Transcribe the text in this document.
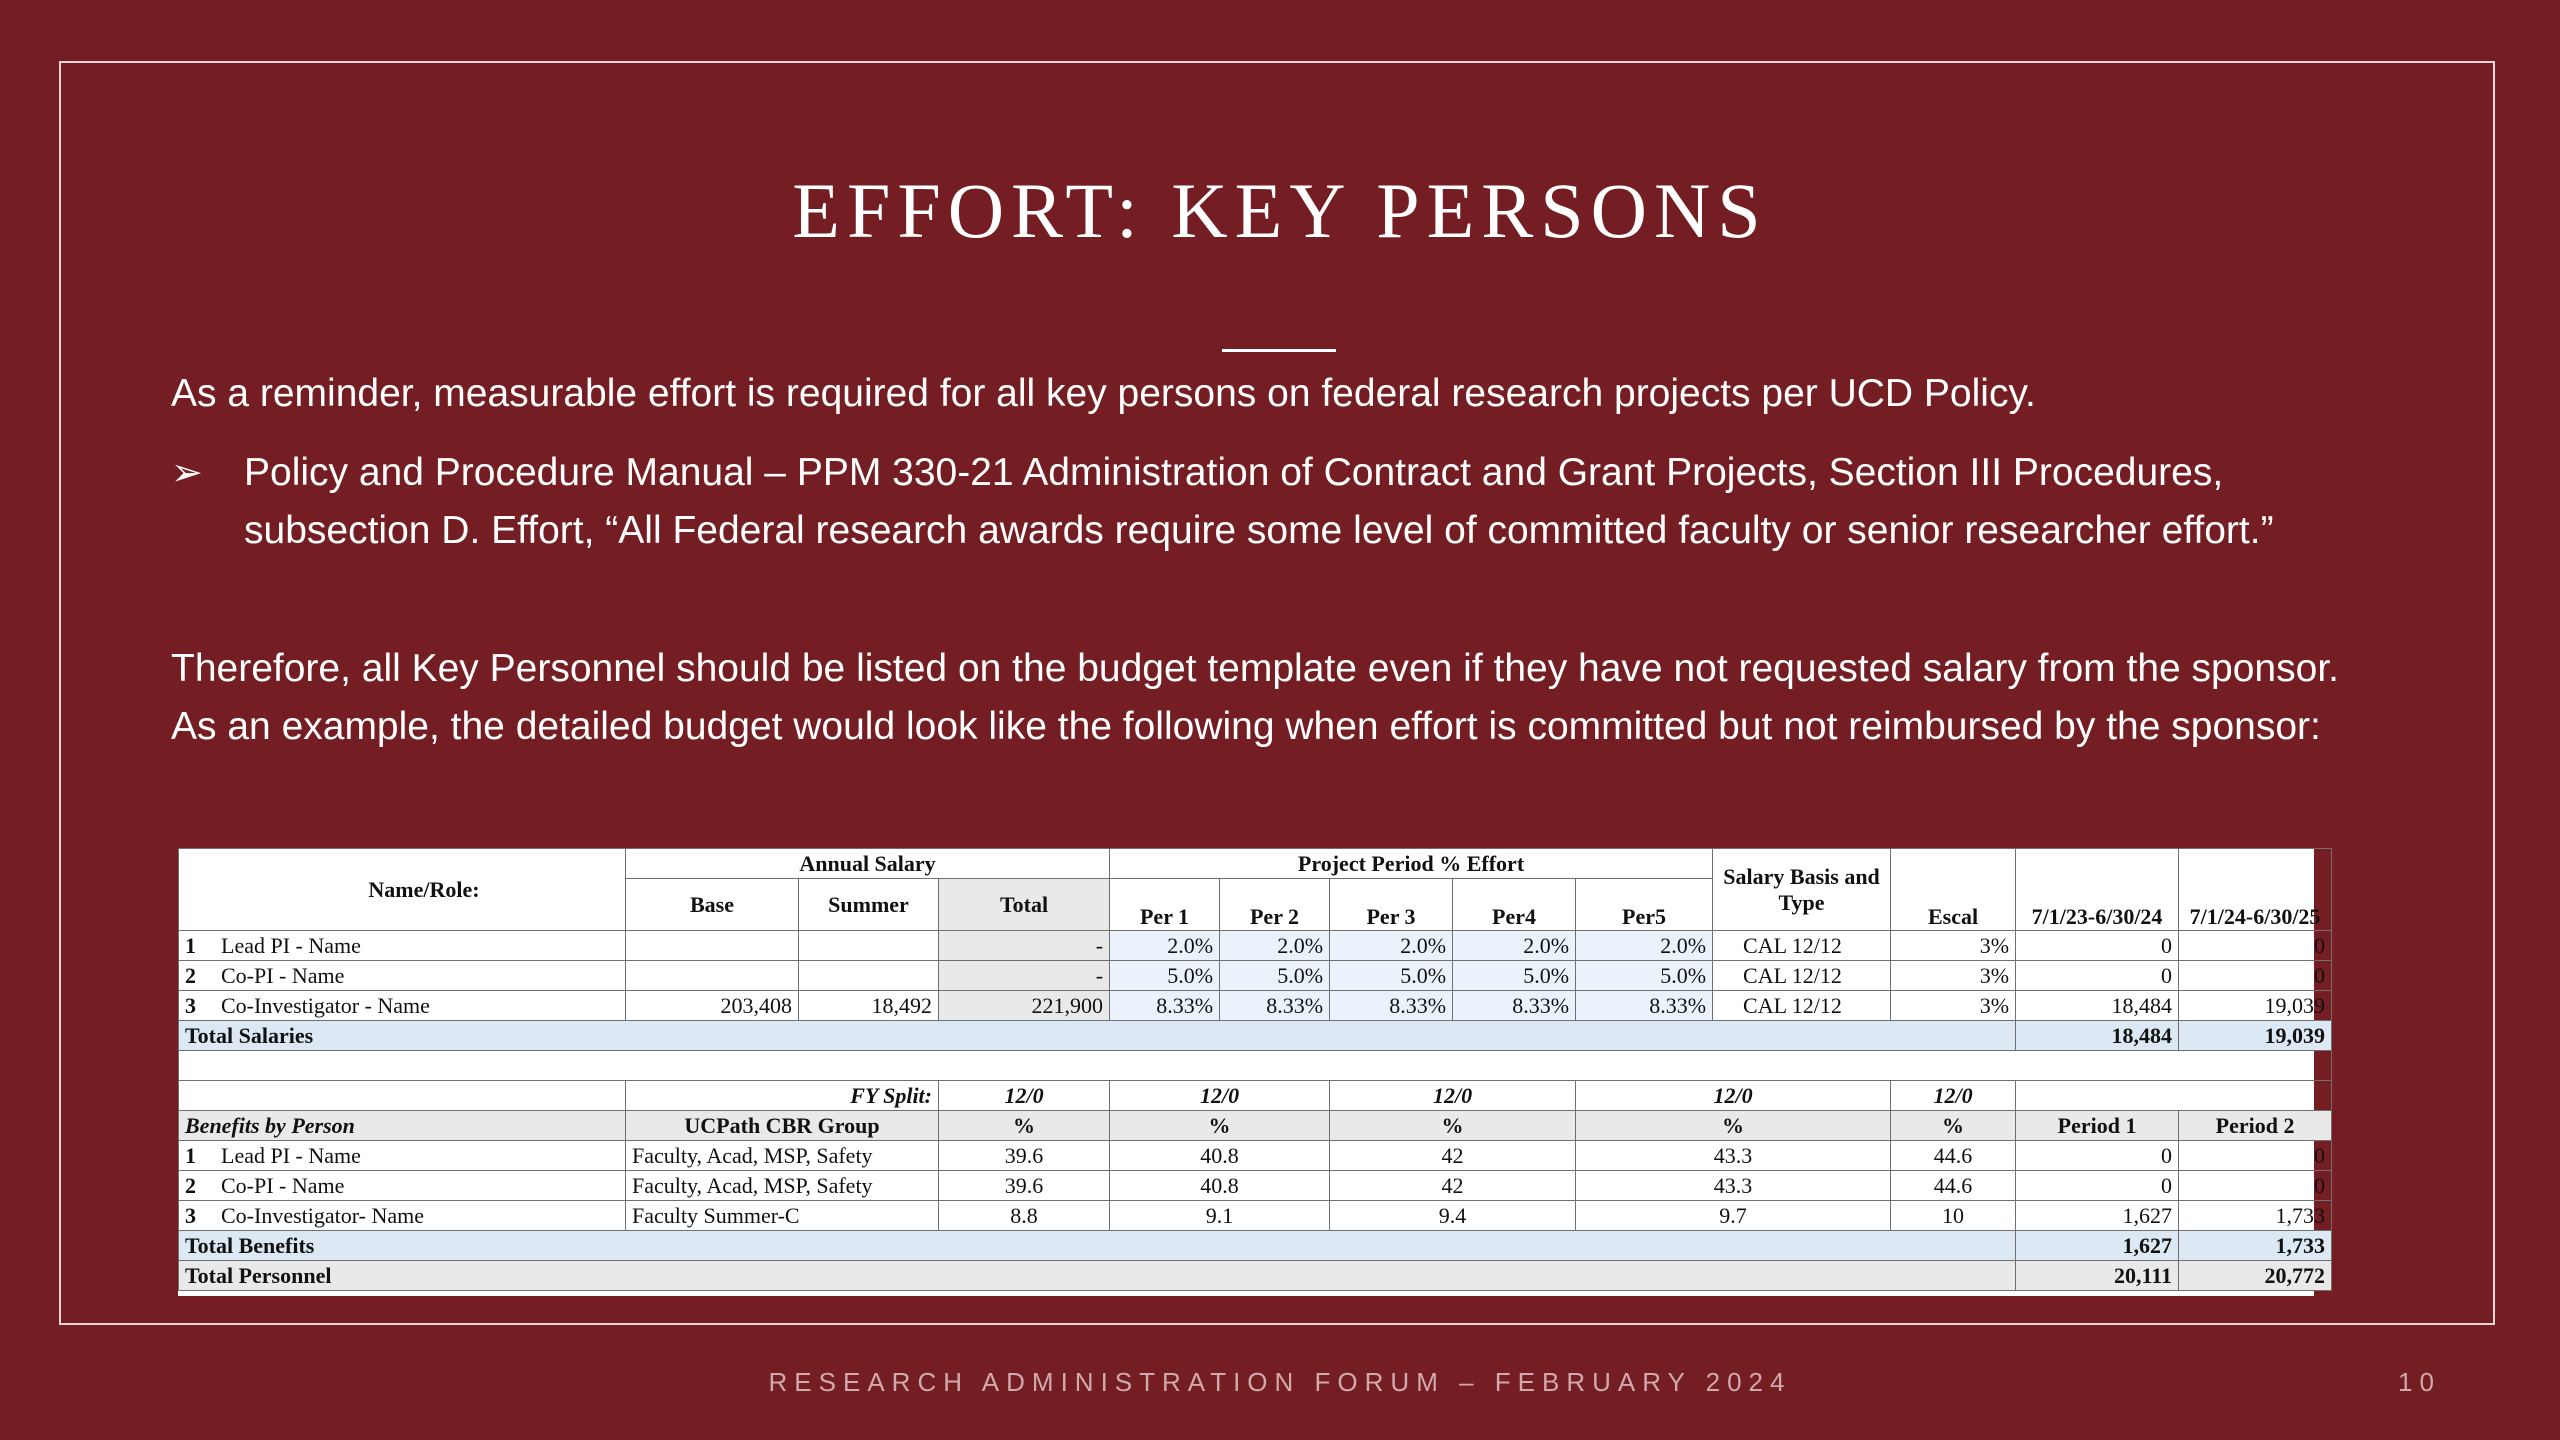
EFFORT: KEY PERSONS

As a reminder, measurable effort is required for all key persons on federal research projects per UCD Policy.

➢	Policy and Procedure Manual – PPM 330-21 Administration of Contract and Grant Projects, Section III Procedures, subsection D. Effort, “All Federal research awards require some level of committed faculty or senior researcher effort.”

Therefore, all Key Personnel should be listed on the budget template even if they have not requested salary from the sponsor. As an example, the detailed budget would look like the following when effort is committed but not reimbursed by the sponsor:

Name/Role:	Annual Salary			Project Period % Effort					Salary Basis and Type	Escal	7/1/23-6/30/24	7/1/24-6/30/25
	Base	Summer	Total	Per 1	Per 2	Per 3	Per4	Per5				
1 Lead PI - Name			-	2.0%	2.0%	2.0%	2.0%	2.0%	CAL 12/12	3%	0	0
2 Co-PI - Name			-	5.0%	5.0%	5.0%	5.0%	5.0%	CAL 12/12	3%	0	0
3 Co-Investigator - Name	203,408	18,492	221,900	8.33%	8.33%	8.33%	8.33%	8.33%	CAL 12/12	3%	18,484	19,039
Total Salaries											18,484	19,039

	FY Split:		12/0	12/0		12/0		12/0		12/0		
Benefits by Person	UCPath CBR Group		%	%		%		%		%	Period 1	Period 2
1 Lead PI - Name	Faculty, Acad, MSP, Safety		39.6	40.8		42		43.3		44.6	0	0
2 Co-PI - Name	Faculty, Acad, MSP, Safety		39.6	40.8		42		43.3		44.6	0	0
3 Co-Investigator- Name	Faculty Summer-C		8.8	9.1		9.4		9.7		10	1,627	1,733
Total Benefits											1,627	1,733
Total Personnel											20,111	20,772
RESEARCH ADMINISTRATION FORUM – FEBRUARY 2024	10
